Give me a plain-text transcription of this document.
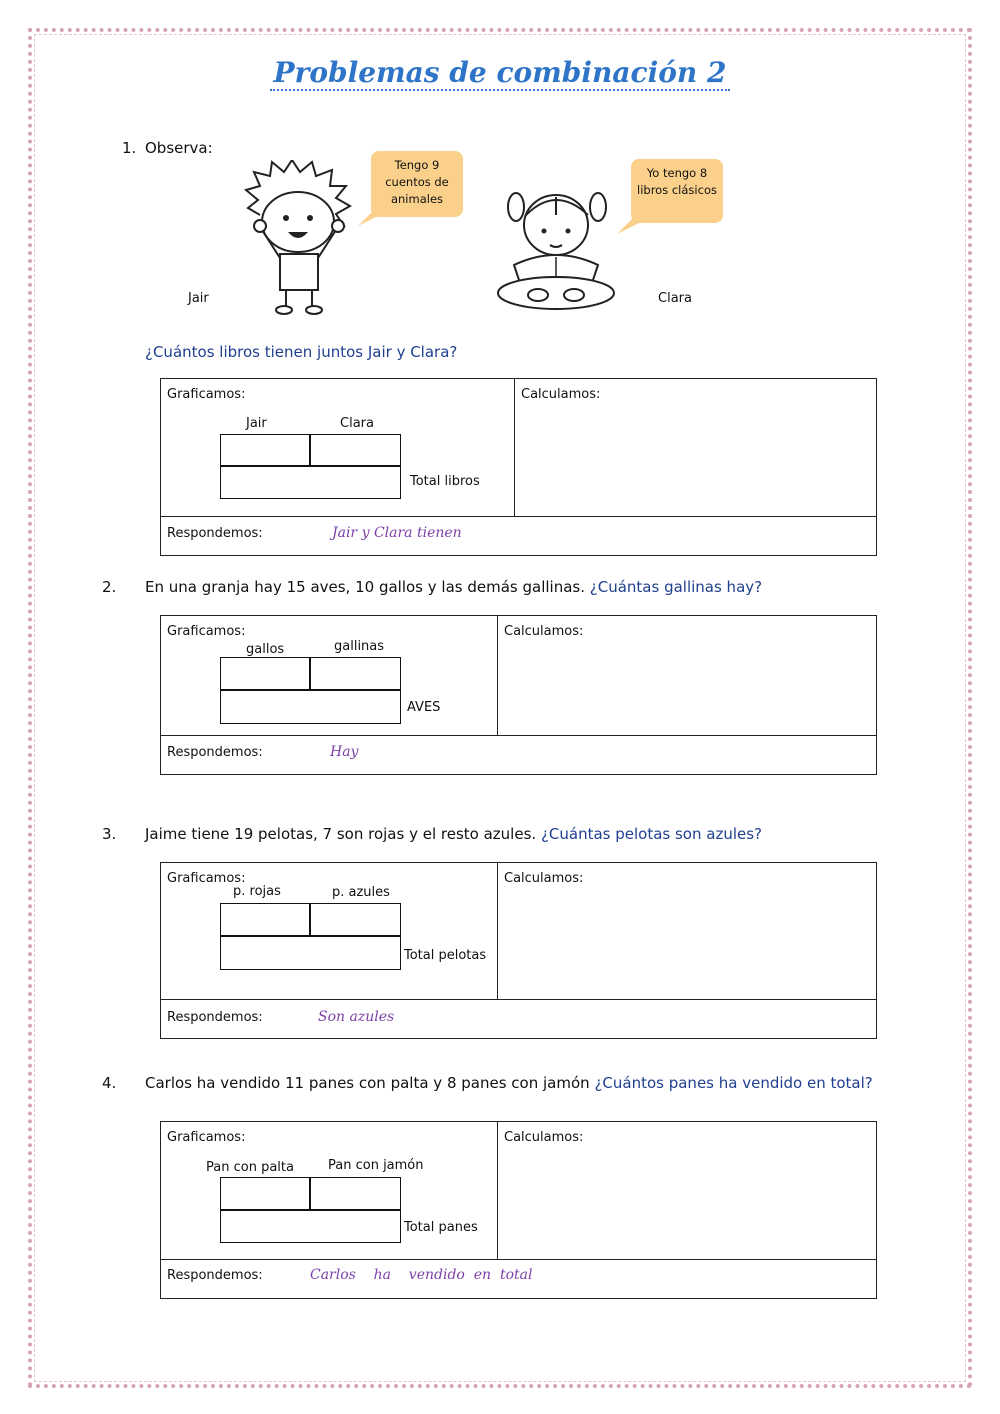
Problemas de combinación 2
1. Observa:
Tengo 9 cuentos de animales
Jair
Yo tengo 8 libros clásicos
Clara
¿Cuántos libros tienen juntos Jair y Clara?
Graficamos:	Calculamos:
Jair	Clara
Total libros
Respondemos:	Jair y Clara tienen
2. En una granja hay 15 aves, 10 gallos y las demás gallinas. ¿Cuántas gallinas hay?
Graficamos:	Calculamos:
gallos	gallinas
AVES
Respondemos:	Hay
3. Jaime tiene 19 pelotas, 7 son rojas y el resto azules. ¿Cuántas pelotas son azules?
Graficamos:	Calculamos:
p. rojas	p. azules
Total pelotas
Respondemos:	Son azules
4. Carlos ha vendido 11 panes con palta y 8 panes con jamón ¿Cuántos panes ha vendido en total?
Graficamos:	Calculamos:
Pan con palta	Pan con jamón
Total panes
Respondemos:	Carlos    ha    vendido  en  total
